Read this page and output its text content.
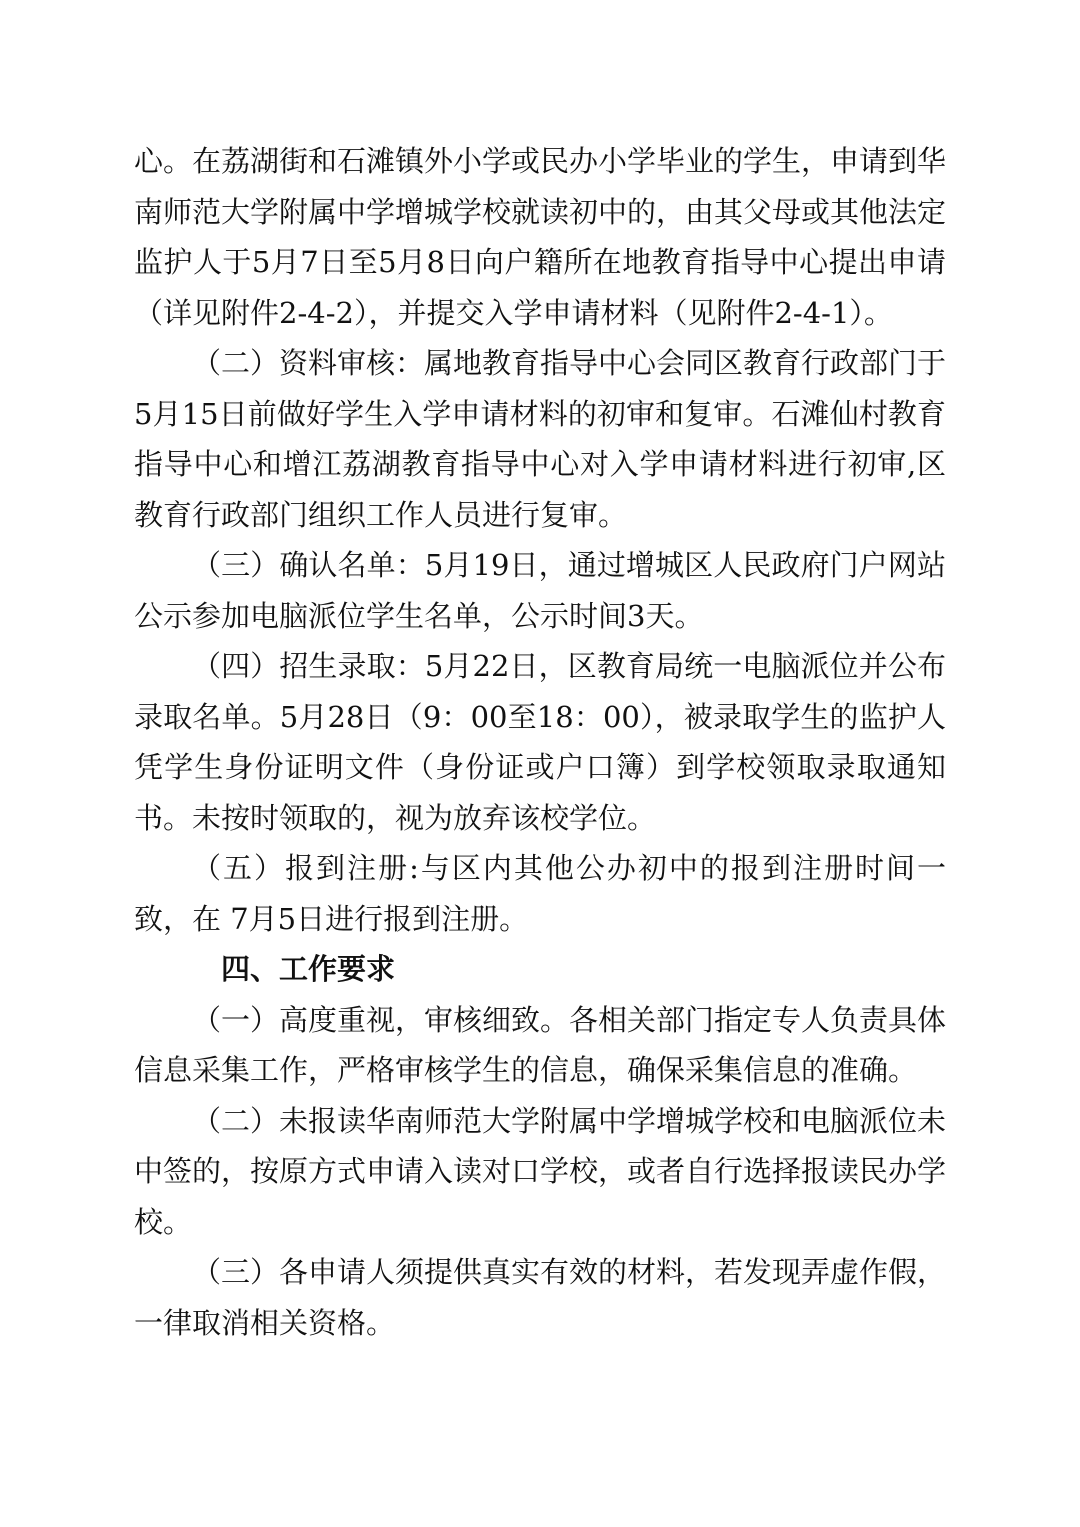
心。在荔湖街和石滩镇外小学或民办小学毕业的学生，申请到华南师范大学附属中学增城学校就读初中的，由其父母或其他法定监护人于5月7日至5月8日向户籍所在地教育指导中心提出申请（详见附件2-4-2），并提交入学申请材料（见附件2-4-1）。

（二）资料审核：属地教育指导中心会同区教育行政部门于5月15日前做好学生入学申请材料的初审和复审。石滩仙村教育指导中心和增江荔湖教育指导中心对入学申请材料进行初审,区教育行政部门组织工作人员进行复审。

（三）确认名单：5月19日，通过增城区人民政府门户网站公示参加电脑派位学生名单，公示时间3天。

（四）招生录取：5月22日，区教育局统一电脑派位并公布录取名单。5月28日（9：00至18：00），被录取学生的监护人凭学生身份证明文件（身份证或户口簿）到学校领取录取通知书。未按时领取的，视为放弃该校学位。

（五）报到注册:与区内其他公办初中的报到注册时间一致，在 7月5日进行报到注册。

四、工作要求

（一）高度重视，审核细致。各相关部门指定专人负责具体信息采集工作，严格审核学生的信息，确保采集信息的准确。

（二）未报读华南师范大学附属中学增城学校和电脑派位未中签的，按原方式申请入读对口学校，或者自行选择报读民办学校。

（三）各申请人须提供真实有效的材料，若发现弄虚作假，一律取消相关资格。
